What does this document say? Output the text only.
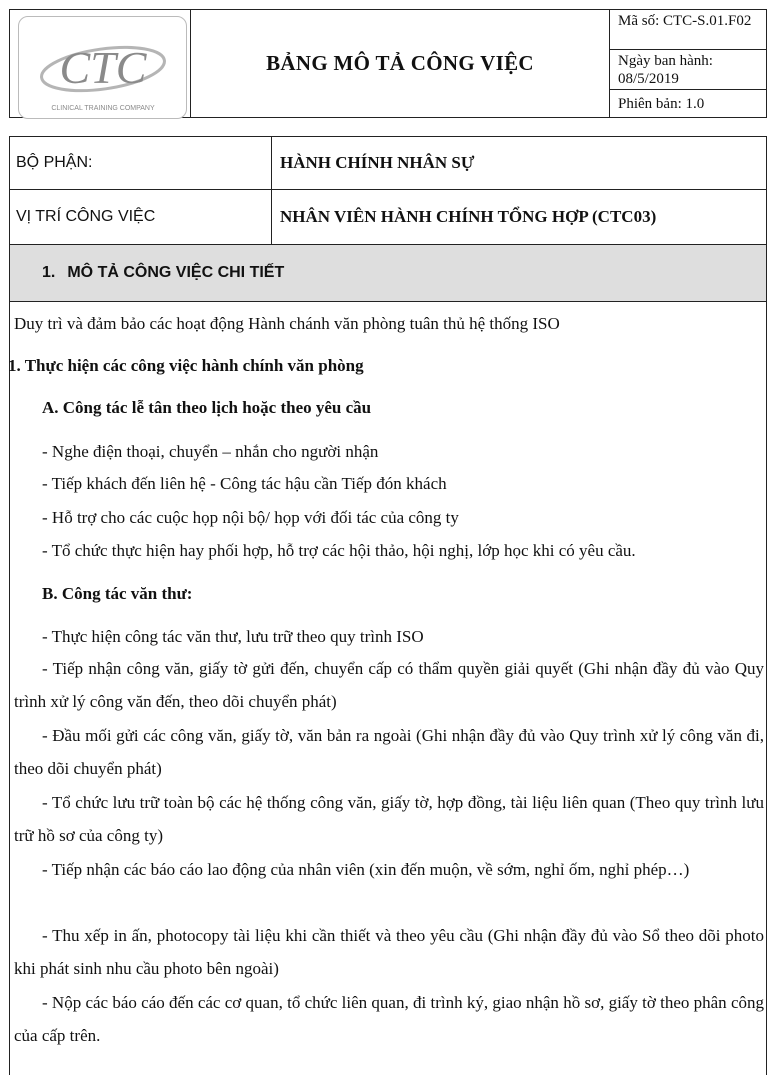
CTC
CLINICAL TRAINING COMPANY
BẢNG MÔ TẢ CÔNG VIỆC
Mã số: CTC-S.01.F02
Ngày ban hành: 08/5/2019
Phiên bản: 1.0
BỘ PHẬN:	HÀNH CHÍNH NHÂN SỰ
VỊ TRÍ CÔNG VIỆC	NHÂN VIÊN HÀNH CHÍNH TỔNG HỢP (CTC03)
1. MÔ TẢ CÔNG VIỆC CHI TIẾT
Duy trì và đảm bảo các hoạt động Hành chánh văn phòng tuân thủ hệ thống ISO
1. Thực hiện các công việc hành chính văn phòng
A. Công tác lễ tân theo lịch hoặc theo yêu cầu
- Nghe điện thoại, chuyển – nhắn cho người nhận
- Tiếp khách đến liên hệ - Công tác hậu cần Tiếp đón khách
- Hỗ trợ cho các cuộc họp nội bộ/ họp với đối tác của công ty
- Tổ chức thực hiện hay phối hợp, hỗ trợ các hội thảo, hội nghị, lớp học khi có yêu cầu.
B. Công tác văn thư:
- Thực hiện công tác văn thư, lưu trữ theo quy trình ISO
- Tiếp nhận công văn, giấy tờ gửi đến, chuyển cấp có thẩm quyền giải quyết (Ghi nhận đầy đủ vào Quy trình xử lý công văn đến, theo dõi chuyển phát)
- Đầu mối gửi các công văn, giấy tờ, văn bản ra ngoài (Ghi nhận đầy đủ vào Quy trình xử lý công văn đi, theo dõi chuyển phát)
- Tổ chức lưu trữ toàn bộ các hệ thống công văn, giấy tờ, hợp đồng, tài liệu liên quan (Theo quy trình lưu trữ hồ sơ của công ty)
- Tiếp nhận các báo cáo lao động của nhân viên (xin đến muộn, về sớm, nghỉ ốm, nghỉ phép…)
- Thu xếp in ấn, photocopy tài liệu khi cần thiết và theo yêu cầu (Ghi nhận đầy đủ vào Sổ theo dõi photo khi phát sinh nhu cầu photo bên ngoài)
- Nộp các báo cáo đến các cơ quan, tổ chức liên quan, đi trình ký, giao nhận hồ sơ, giấy tờ theo phân công của cấp trên.
